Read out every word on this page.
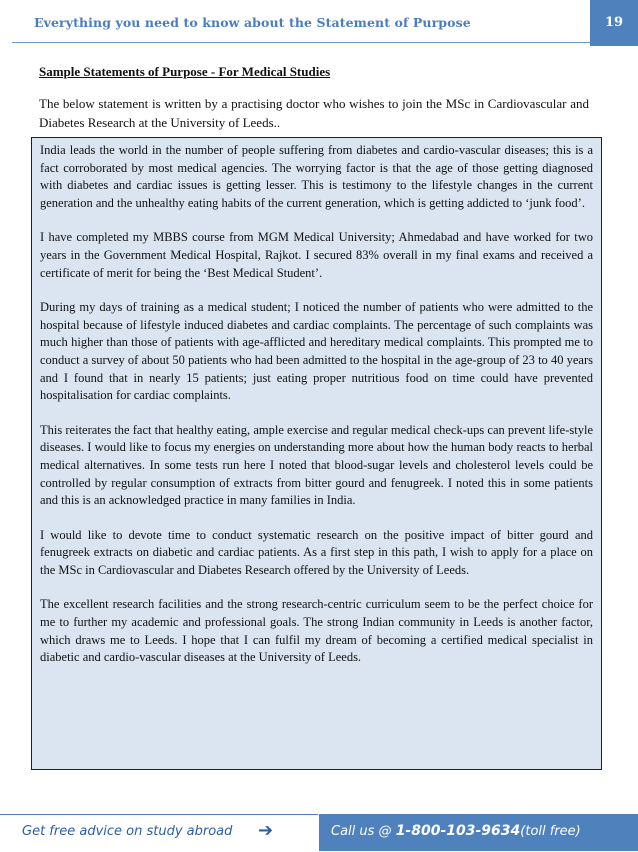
Everything you need to know about the Statement of Purpose	19
Sample Statements of Purpose - For Medical Studies
The below statement is written by a practising doctor who wishes to join the MSc in Cardiovascular and Diabetes Research at the University of Leeds..

India leads the world in the number of people suffering from diabetes and cardio-vascular diseases; this is a fact corroborated by most medical agencies. The worrying factor is that the age of those getting diagnosed with diabetes and cardiac issues is getting lesser. This is testimony to the lifestyle changes in the current generation and the unhealthy eating habits of the current generation, which is getting addicted to ‘junk food’.

I have completed my MBBS course from MGM Medical University; Ahmedabad and have worked for two years in the Government Medical Hospital, Rajkot. I secured 83% overall in my final exams and received a certificate of merit for being the ‘Best Medical Student’.

During my days of training as a medical student; I noticed the number of patients who were admitted to the hospital because of lifestyle induced diabetes and cardiac complaints. The percentage of such complaints was much higher than those of patients with age-afflicted and hereditary medical complaints. This prompted me to conduct a survey of about 50 patients who had been admitted to the hospital in the age-group of 23 to 40 years and I found that in nearly 15 patients; just eating proper nutritious food on time could have prevented hospitalisation for cardiac complaints.

This reiterates the fact that healthy eating, ample exercise and regular medical check-ups can prevent life-style diseases. I would like to focus my energies on understanding more about how the human body reacts to herbal medical alternatives. In some tests run here I noted that blood-sugar levels and cholesterol levels could be controlled by regular consumption of extracts from bitter gourd and fenugreek. I noted this in some patients and this is an acknowledged practice in many families in India.

I would like to devote time to conduct systematic research on the positive impact of bitter gourd and fenugreek extracts on diabetic and cardiac patients. As a first step in this path, I wish to apply for a place on the MSc in Cardiovascular and Diabetes Research offered by the University of Leeds.

The excellent research facilities and the strong research-centric curriculum seem to be the perfect choice for me to further my academic and professional goals. The strong Indian community in Leeds is another factor, which draws me to Leeds. I hope that I can fulfil my dream of becoming a certified medical specialist in diabetic and cardio-vascular diseases at the University of Leeds.

Get free advice on study abroad ➔	Call us @ 1-800-103-9634(toll free)
